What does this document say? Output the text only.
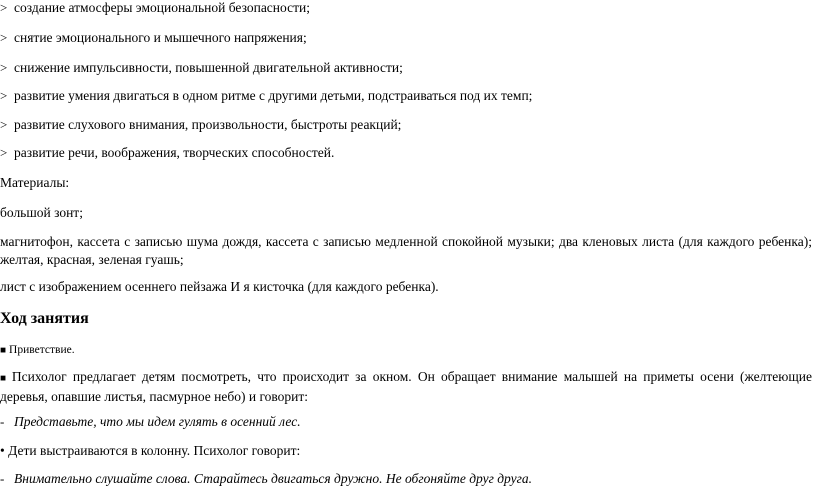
> создание атмосферы эмоциональной безопасности;
> снятие эмоционального и мышечного напряжения;
> снижение импульсивности, повышенной двигательной активности;
> развитие умения двигаться в одном ритме с другими детьми, подстраиваться под их темп;
> развитие слухового внимания, произвольности, быстроты реакций;
> развитие речи, воображения, творческих способностей.
Материалы:
большой зонт;
магнитофон, кассета с записью шума дождя, кассета с записью медленной спокойной музыки; два кленовых листа (для каждого ребенка); желтая, красная, зеленая гуашь;
лист с изображением осеннего пейзажа И я кисточка (для каждого ребенка).
Ход занятия
■ Приветствие.
■ Психолог предлагает детям посмотреть, что происходит за окном. Он обращает внимание малышей на приметы осени (желтеющие деревья, опавшие листья, пасмурное небо) и говорит:
- Представьте, что мы идем гулять в осенний лес.
• Дети выстраиваются в колонну. Психолог говорит:
- Внимательно слушайте слова. Старайтесь двигаться дружно. Не обгоняйте друг друга.
